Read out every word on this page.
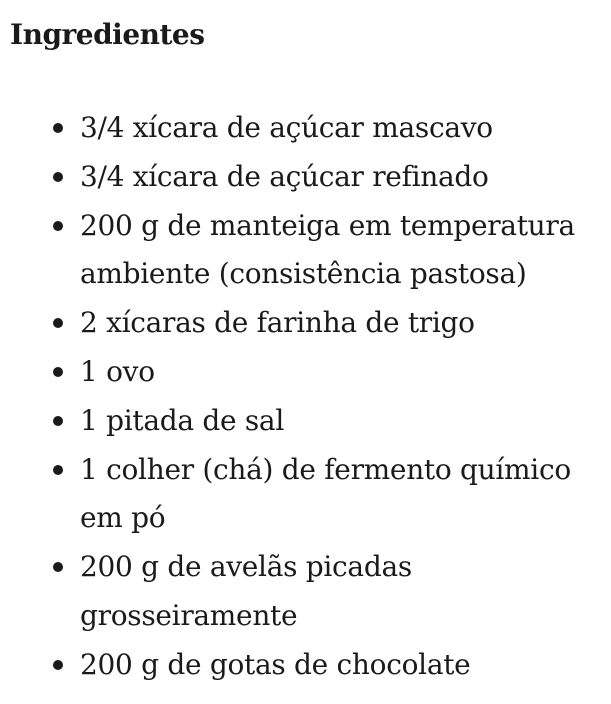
Ingredientes
3/4 xícara de açúcar mascavo
3/4 xícara de açúcar refinado
200 g de manteiga em temperatura ambiente (consistência pastosa)
2 xícaras de farinha de trigo
1 ovo
1 pitada de sal
1 colher (chá) de fermento químico em pó
200 g de avelãs picadas grosseiramente
200 g de gotas de chocolate
